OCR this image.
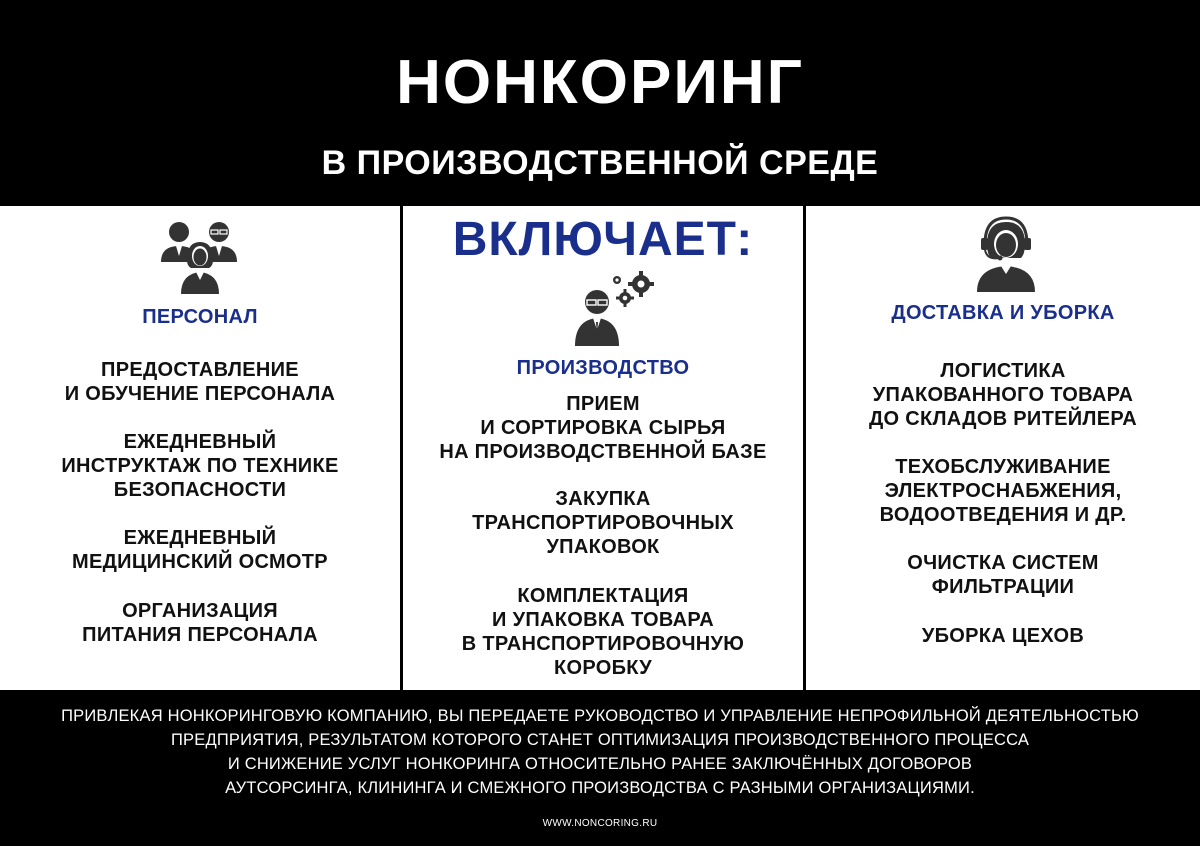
НОНКОРИНГ
В ПРОИЗВОДСТВЕННОЙ СРЕДЕ
ПЕРСОНАЛ
ПРЕДОСТАВЛЕНИЕ
И ОБУЧЕНИЕ ПЕРСОНАЛА
ЕЖЕДНЕВНЫЙ
ИНСТРУКТАЖ ПО ТЕХНИКЕ
БЕЗОПАСНОСТИ
ЕЖЕДНЕВНЫЙ
МЕДИЦИНСКИЙ ОСМОТР
ОРГАНИЗАЦИЯ
ПИТАНИЯ ПЕРСОНАЛА
ВКЛЮЧАЕТ:
ПРОИЗВОДСТВО
ПРИЕМ
И СОРТИРОВКА СЫРЬЯ
НА ПРОИЗВОДСТВЕННОЙ БАЗЕ
ЗАКУПКА
ТРАНСПОРТИРОВОЧНЫХ
УПАКОВОК
КОМПЛЕКТАЦИЯ
И УПАКОВКА ТОВАРА
В ТРАНСПОРТИРОВОЧНУЮ
КОРОБКУ
ДОСТАВКА И УБОРКА
ЛОГИСТИКА
УПАКОВАННОГО ТОВАРА
ДО СКЛАДОВ РИТЕЙЛЕРА
ТЕХОБСЛУЖИВАНИЕ
ЭЛЕКТРОСНАБЖЕНИЯ,
ВОДООТВЕДЕНИЯ И ДР.
ОЧИСТКА СИСТЕМ
ФИЛЬТРАЦИИ
УБОРКА ЦЕХОВ
ПРИВЛЕКАЯ НОНКОРИНГОВУЮ КОМПАНИЮ, ВЫ ПЕРЕДАЕТЕ РУКОВОДСТВО И УПРАВЛЕНИЕ НЕПРОФИЛЬНОЙ ДЕЯТЕЛЬНОСТЬЮ
ПРЕДПРИЯТИЯ, РЕЗУЛЬТАТОМ КОТОРОГО СТАНЕТ ОПТИМИЗАЦИЯ ПРОИЗВОДСТВЕННОГО ПРОЦЕССА
И СНИЖЕНИЕ УСЛУГ НОНКОРИНГА ОТНОСИТЕЛЬНО РАНЕЕ ЗАКЛЮЧЁННЫХ ДОГОВОРОВ
АУТСОРСИНГА, КЛИНИНГА И СМЕЖНОГО ПРОИЗВОДСТВА С РАЗНЫМИ ОРГАНИЗАЦИЯМИ.
WWW.NONCORING.RU
